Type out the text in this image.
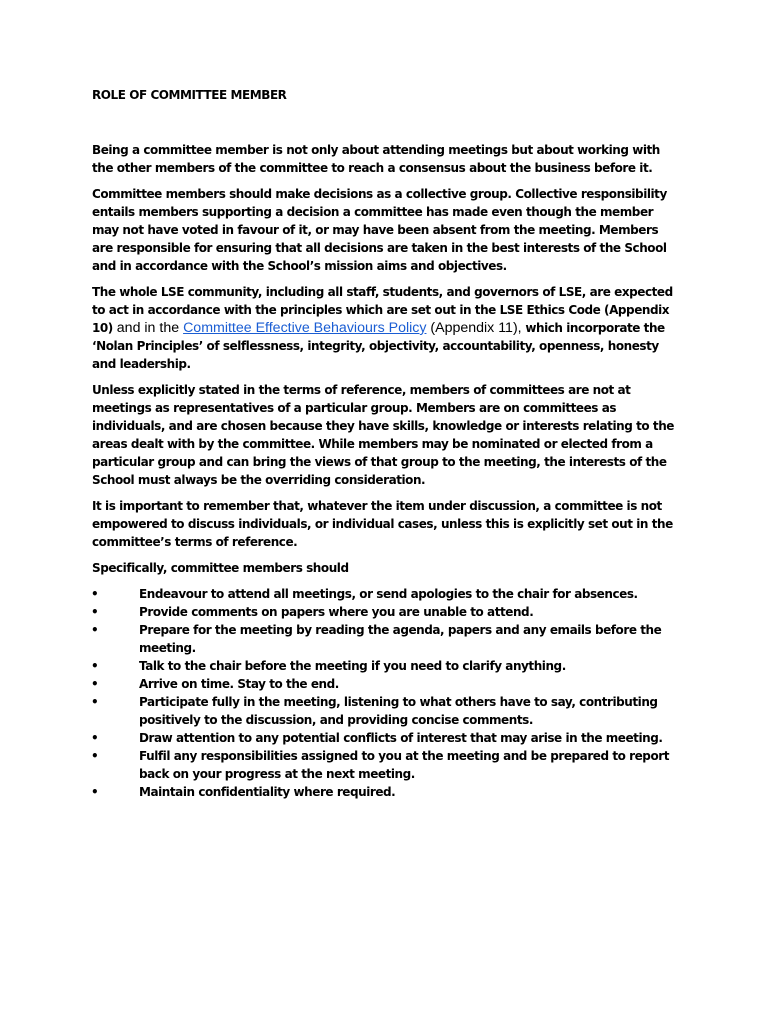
ROLE OF COMMITTEE MEMBER

Being a committee member is not only about attending meetings but about working with the other members of the committee to reach a consensus about the business before it.

Committee members should make decisions as a collective group. Collective responsibility entails members supporting a decision a committee has made even though the member may not have voted in favour of it, or may have been absent from the meeting. Members are responsible for ensuring that all decisions are taken in the best interests of the School and in accordance with the School’s mission aims and objectives.

The whole LSE community, including all staff, students, and governors of LSE, are expected to act in accordance with the principles which are set out in the LSE Ethics Code (Appendix 10) and in the Committee Effective Behaviours Policy (Appendix 11), which incorporate the ‘Nolan Principles’ of selflessness, integrity, objectivity, accountability, openness, honesty and leadership.

Unless explicitly stated in the terms of reference, members of committees are not at meetings as representatives of a particular group. Members are on committees as individuals, and are chosen because they have skills, knowledge or interests relating to the areas dealt with by the committee. While members may be nominated or elected from a particular group and can bring the views of that group to the meeting, the interests of the School must always be the overriding consideration.

It is important to remember that, whatever the item under discussion, a committee is not empowered to discuss individuals, or individual cases, unless this is explicitly set out in the committee’s terms of reference.

Specifically, committee members should

•	Endeavour to attend all meetings, or send apologies to the chair for absences.
•	Provide comments on papers where you are unable to attend.
•	Prepare for the meeting by reading the agenda, papers and any emails before the meeting.
•	Talk to the chair before the meeting if you need to clarify anything.
•	Arrive on time. Stay to the end.
•	Participate fully in the meeting, listening to what others have to say, contributing positively to the discussion, and providing concise comments.
•	Draw attention to any potential conflicts of interest that may arise in the meeting.
•	Fulfil any responsibilities assigned to you at the meeting and be prepared to report back on your progress at the next meeting.
•	Maintain confidentiality where required.
